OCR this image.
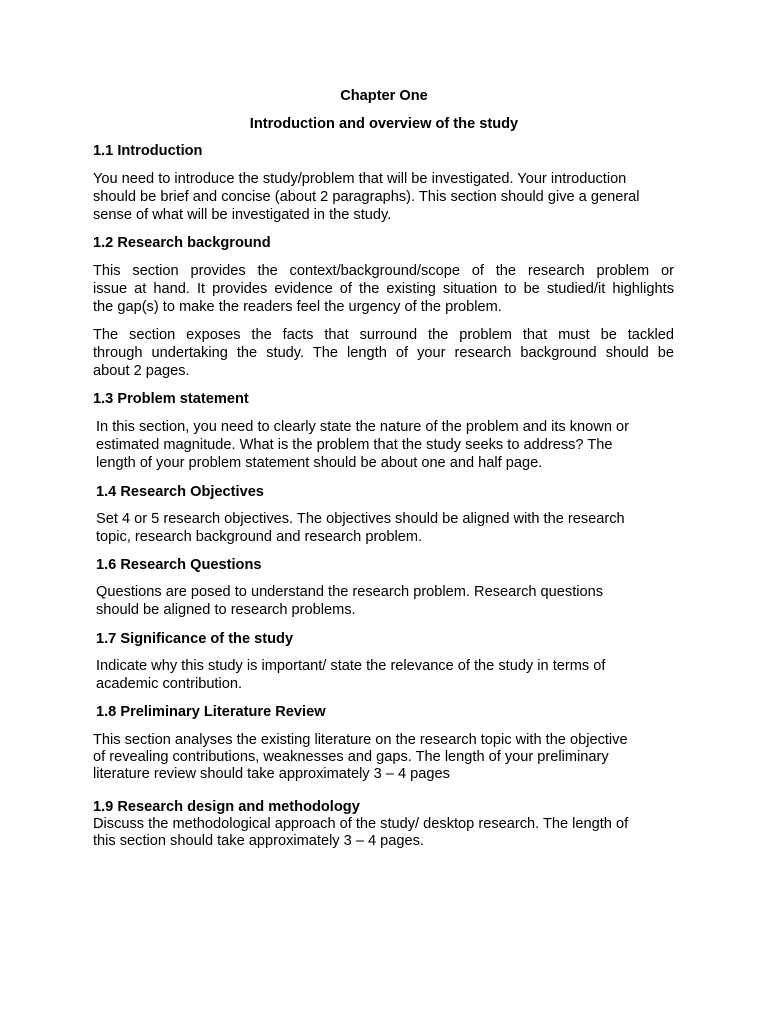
Chapter One

Introduction and overview of the study

1.1 Introduction

You need to introduce the study/problem that will be investigated. Your introduction

should be brief and concise (about 2 paragraphs). This section should give a general

sense of what will be investigated in the study.

1.2 Research background

This section provides the context/background/scope of the research problem or
issue at hand. It provides evidence of the existing situation to be studied/it highlights
the gap(s) to make the readers feel the urgency of the problem.
The section exposes the facts that surround the problem that must be tackled
through undertaking the study. The length of your research background should be
about 2 pages.

1.3 Problem statement

In this section, you need to clearly state the nature of the problem and its known or

estimated magnitude. What is the problem that the study seeks to address? The

length of your problem statement should be about one and half page.

1.4 Research Objectives

Set 4 or 5 research objectives. The objectives should be aligned with the research

topic, research background and research problem.

1.6 Research Questions

Questions are posed to understand the research problem. Research questions

should be aligned to research problems.

1.7 Significance of the study

Indicate why this study is important/ state the relevance of the study in terms of

academic contribution.

1.8 Preliminary Literature Review

This section analyses the existing literature on the research topic with the objective

of revealing contributions, weaknesses and gaps. The length of your preliminary

literature review should take approximately 3 – 4 pages

1.9 Research design and methodology

Discuss the methodological approach of the study/ desktop research. The length of

this section should take approximately 3 – 4 pages.
